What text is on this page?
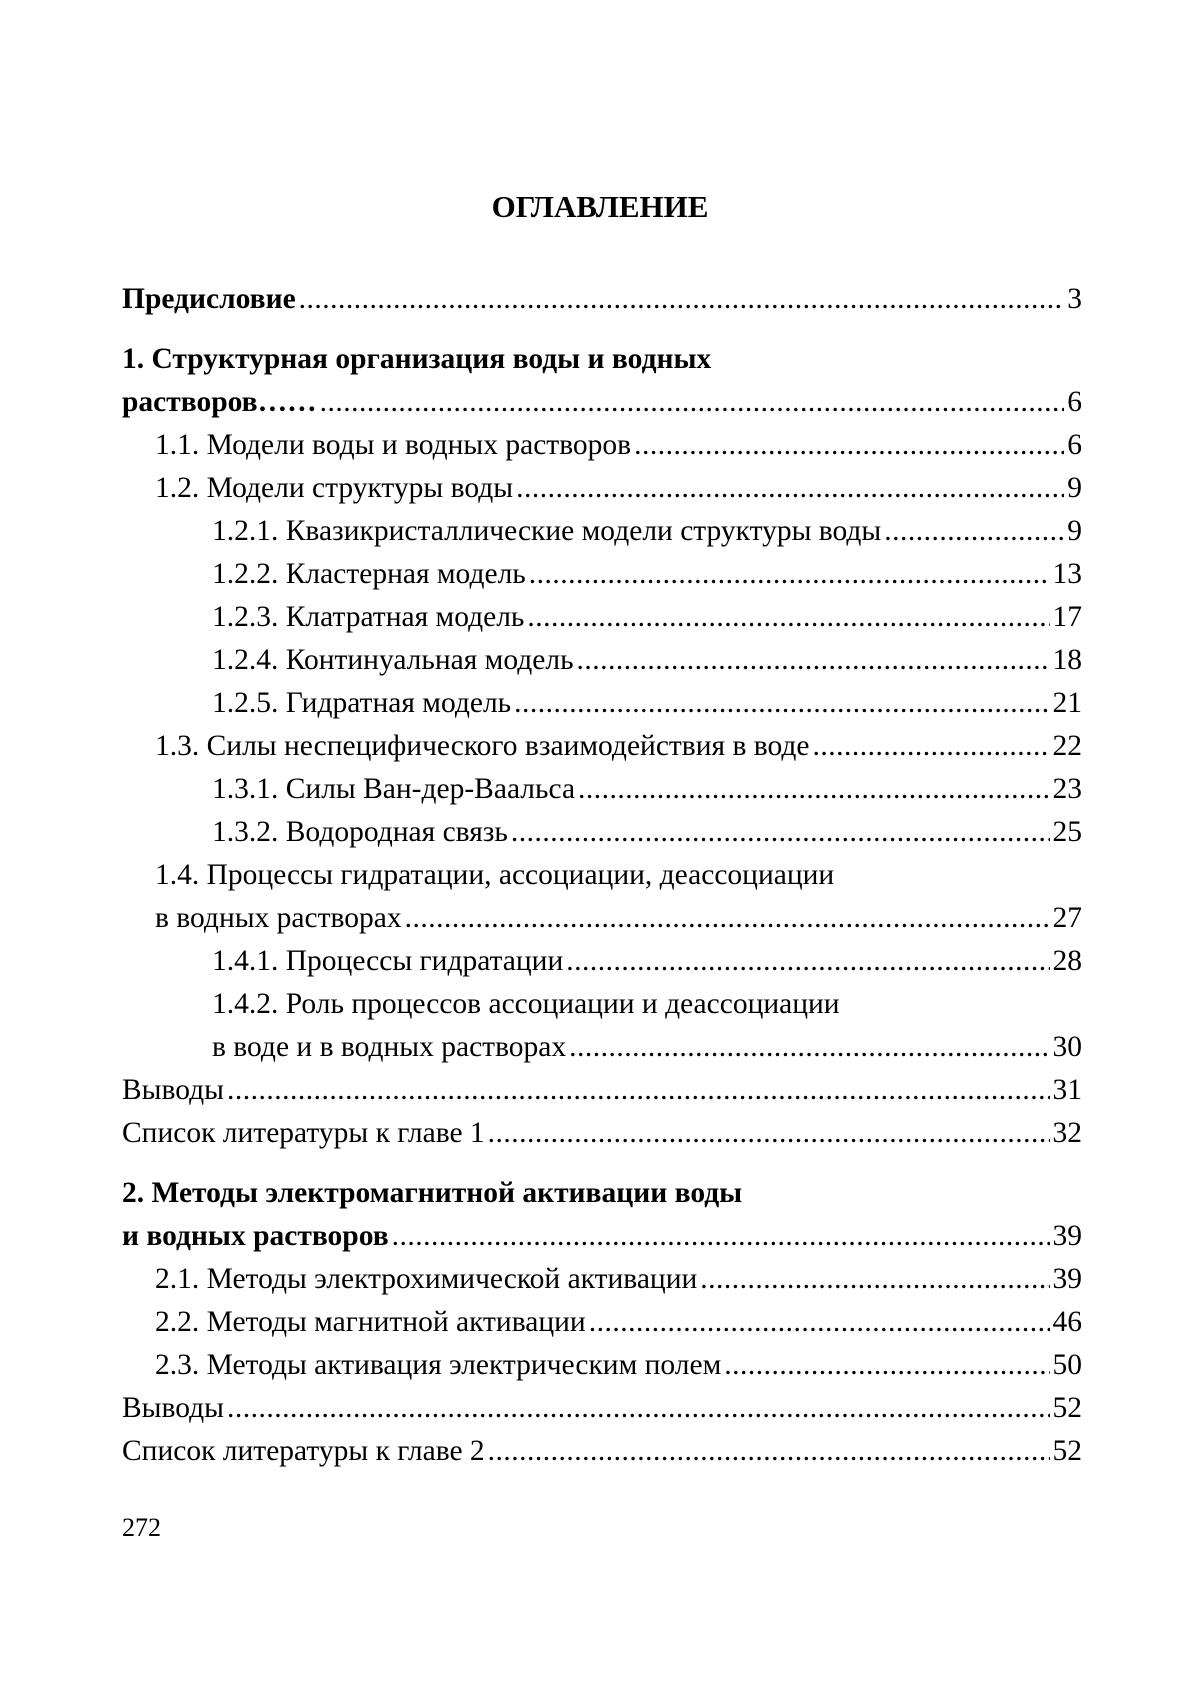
ОГЛАВЛЕНИЕ
Предисловие .....	3
1. Структурная организация воды и водных
растворов…… .....	6
1.1. Модели воды и водных растворов .....	6
1.2. Модели структуры воды .....	9
1.2.1. Квазикристаллические модели структуры воды .....	9
1.2.2. Кластерная модель .....	13
1.2.3. Клатратная модель .....	17
1.2.4. Континуальная модель .....	18
1.2.5. Гидратная модель .....	21
1.3. Силы неспецифического взаимодействия в воде .....	22
1.3.1. Силы Ван-дер-Ваальса .....	23
1.3.2. Водородная связь .....	25
1.4. Процессы гидратации, ассоциации, деассоциации
в водных растворах .....	27
1.4.1. Процессы гидратации .....	28
1.4.2. Роль процессов ассоциации и деассоциации
в воде и в водных растворах .....	30
Выводы .....	31
Список литературы к главе 1 .....	32
2. Методы электромагнитной активации воды
и водных растворов .....	39
2.1. Методы электрохимической активации .....	39
2.2. Методы магнитной активации .....	46
2.3. Методы активация электрическим полем .....	50
Выводы .....	52
Список литературы к главе 2 .....	52
272
